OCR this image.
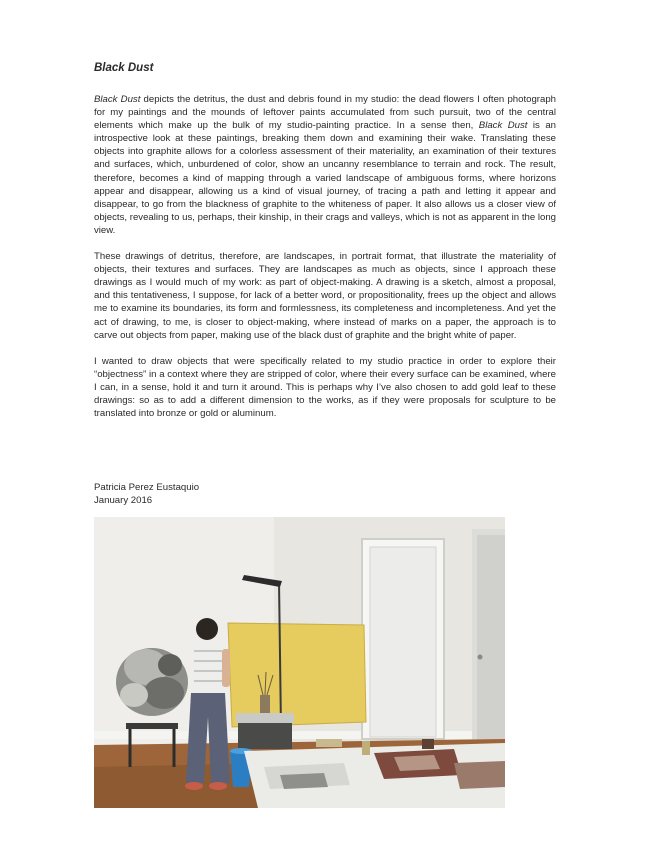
Black Dust

Black Dust depicts the detritus, the dust and debris found in my studio: the dead flowers I often photograph for my paintings and the mounds of leftover paints accumulated from such pursuit, two of the central elements which make up the bulk of my studio-painting practice. In a sense then, Black Dust is an introspective look at these paintings, breaking them down and examining their wake. Translating these objects into graphite allows for a colorless assessment of their materiality, an examination of their textures and surfaces, which, unburdened of color, show an uncanny resemblance to terrain and rock. The result, therefore, becomes a kind of mapping through a varied landscape of ambiguous forms, where horizons appear and disappear, allowing us a kind of visual journey, of tracing a path and letting it appear and disappear, to go from the blackness of graphite to the whiteness of paper. It also allows us a closer view of objects, revealing to us, perhaps, their kinship, in their crags and valleys, which is not as apparent in the long view.

These drawings of detritus, therefore, are landscapes, in portrait format, that illustrate the materiality of objects, their textures and surfaces. They are landscapes as much as objects, since I approach these drawings as I would much of my work: as part of object-making. A drawing is a sketch, almost a proposal, and this tentativeness, I suppose, for lack of a better word, or propositionality, frees up the object and allows me to examine its boundaries, its form and formlessness, its completeness and incompleteness. And yet the act of drawing, to me, is closer to object-making, where instead of marks on a paper, the approach is to carve out objects from paper, making use of the black dust of graphite and the bright white of paper.

I wanted to draw objects that were specifically related to my studio practice in order to explore their “objectness” in a context where they are stripped of color, where their every surface can be examined, where I can, in a sense, hold it and turn it around. This is perhaps why I’ve also chosen to add gold leaf to these drawings: so as to add a different dimension to the works, as if they were proposals for sculpture to be translated into bronze or gold or aluminum.

Patricia Perez Eustaquio
January 2016
